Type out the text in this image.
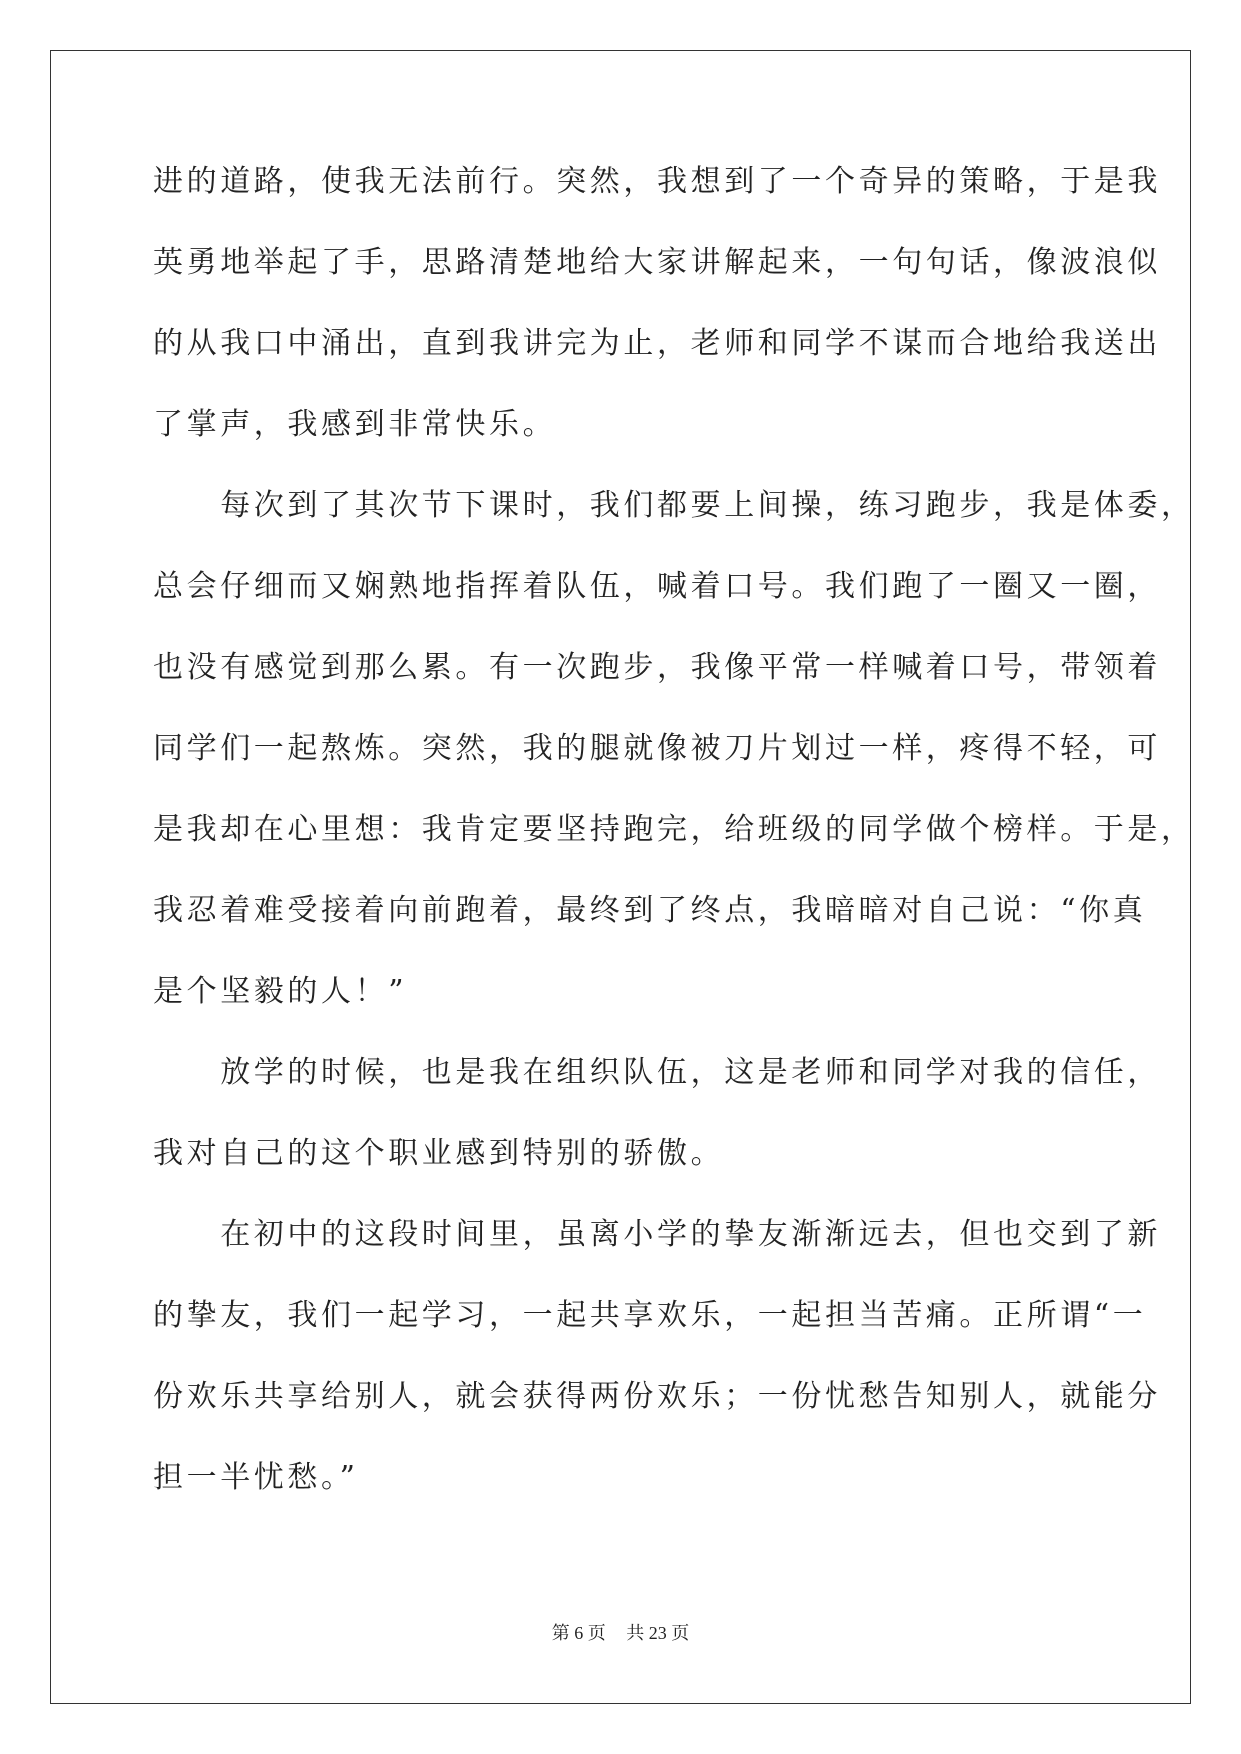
进的道路，使我无法前行。突然，我想到了一个奇异的策略，于是我
英勇地举起了手，思路清楚地给大家讲解起来，一句句话，像波浪似
的从我口中涌出，直到我讲完为止，老师和同学不谋而合地给我送出
了掌声，我感到非常快乐。
　　每次到了其次节下课时，我们都要上间操，练习跑步，我是体委，
总会仔细而又娴熟地指挥着队伍，喊着口号。我们跑了一圈又一圈，
也没有感觉到那么累。有一次跑步，我像平常一样喊着口号，带领着
同学们一起熬炼。突然，我的腿就像被刀片划过一样，疼得不轻，可
是我却在心里想：我肯定要坚持跑完，给班级的同学做个榜样。于是，
我忍着难受接着向前跑着，最终到了终点，我暗暗对自己说：“你真
是个坚毅的人！”
　　放学的时候，也是我在组织队伍，这是老师和同学对我的信任，
我对自己的这个职业感到特别的骄傲。
　　在初中的这段时间里，虽离小学的挚友渐渐远去，但也交到了新
的挚友，我们一起学习，一起共享欢乐，一起担当苦痛。正所谓“一
份欢乐共享给别人，就会获得两份欢乐；一份忧愁告知别人，就能分
担一半忧愁。”
第 6 页 共 23 页
